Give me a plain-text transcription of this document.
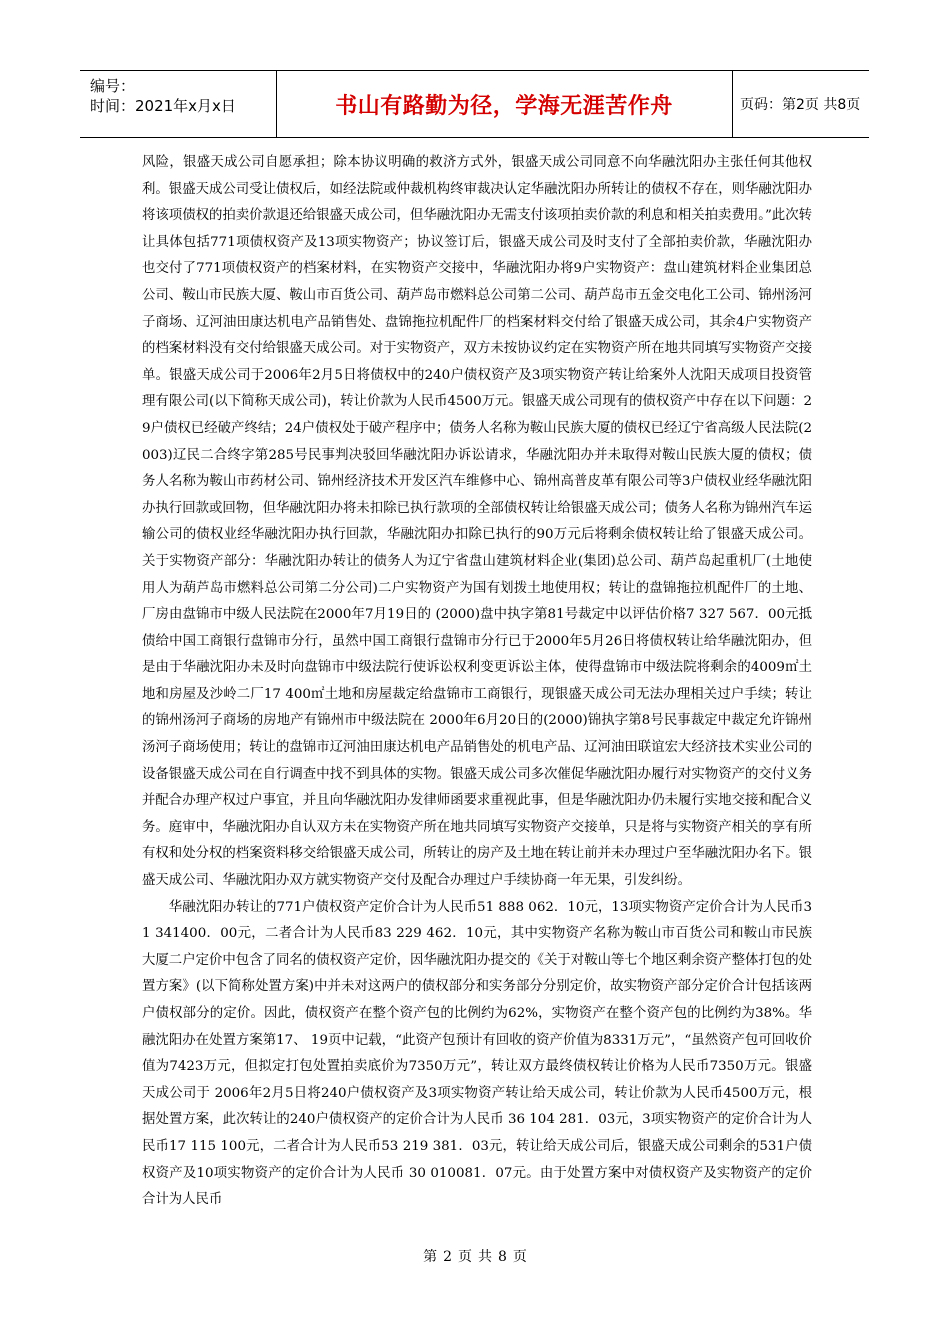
编号：
时间：2021年x月x日	书山有路勤为径，学海无涯苦作舟	页码：第2页 共8页

风险，银盛天成公司自愿承担；除本协议明确的救济方式外，银盛天成公司同意不向华融沈阳办主张任何其他权利。银盛天成公司受让债权后，如经法院或仲裁机构终审裁决认定华融沈阳办所转让的债权不存在，则华融沈阳办将该项债权的拍卖价款退还给银盛天成公司，但华融沈阳办无需支付该项拍卖价款的利息和相关拍卖费用。”此次转让具体包括771项债权资产及13项实物资产；协议签订后，银盛天成公司及时支付了全部拍卖价款，华融沈阳办也交付了771项债权资产的档案材料，在实物资产交接中，华融沈阳办将9户实物资产：盘山建筑材料企业集团总公司、鞍山市民族大厦、鞍山市百货公司、葫芦岛市燃料总公司第二公司、葫芦岛市五金交电化工公司、锦州汤河子商场、辽河油田康达机电产品销售处、盘锦拖拉机配件厂的档案材料交付给了银盛天成公司，其余4户实物资产的档案材料没有交付给银盛天成公司。对于实物资产，双方未按协议约定在实物资产所在地共同填写实物资产交接单。银盛天成公司于2006年2月5日将债权中的240户债权资产及3项实物资产转让给案外人沈阳天成项目投资管理有限公司(以下简称天成公司)，转让价款为人民币4500万元。银盛天成公司现有的债权资产中存在以下问题：29户债权已经破产终结；24户债权处于破产程序中；债务人名称为鞍山民族大厦的债权已经辽宁省高级人民法院(2003)辽民二合终字第285号民事判决驳回华融沈阳办诉讼请求，华融沈阳办并未取得对鞍山民族大厦的债权；债务人名称为鞍山市药材公司、锦州经济技术开发区汽车维修中心、锦州高普皮革有限公司等3户债权业经华融沈阳办执行回款或回物，但华融沈阳办将未扣除已执行款项的全部债权转让给银盛天成公司；债务人名称为锦州汽车运输公司的债权业经华融沈阳办执行回款，华融沈阳办扣除已执行的90万元后将剩余债权转让给了银盛天成公司。关于实物资产部分：华融沈阳办转让的债务人为辽宁省盘山建筑材料企业(集团)总公司、葫芦岛起重机厂(土地使用人为葫芦岛市燃料总公司第二分公司)二户实物资产为国有划拨土地使用权；转让的盘锦拖拉机配件厂的土地、厂房由盘锦市中级人民法院在2000年7月19日的 (2000)盘中执字第81号裁定中以评估价格7 327 567．00元抵债给中国工商银行盘锦市分行，虽然中国工商银行盘锦市分行已于2000年5月26日将债权转让给华融沈阳办，但是由于华融沈阳办未及时向盘锦市中级法院行使诉讼权利变更诉讼主体，使得盘锦市中级法院将剩余的4009㎡土地和房屋及沙岭二厂17 400㎡土地和房屋裁定给盘锦市工商银行，现银盛天成公司无法办理相关过户手续；转让的锦州汤河子商场的房地产有锦州市中级法院在 2000年6月20日的(2000)锦执字第8号民事裁定中裁定允许锦州汤河子商场使用；转让的盘锦市辽河油田康达机电产品销售处的机电产品、辽河油田联谊宏大经济技术实业公司的设备银盛天成公司在自行调查中找不到具体的实物。银盛天成公司多次催促华融沈阳办履行对实物资产的交付义务并配合办理产权过户事宜，并且向华融沈阳办发律师函要求重视此事，但是华融沈阳办仍未履行实地交接和配合义务。庭审中，华融沈阳办自认双方未在实物资产所在地共同填写实物资产交接单，只是将与实物资产相关的享有所有权和处分权的档案资料移交给银盛天成公司，所转让的房产及土地在转让前并未办理过户至华融沈阳办名下。银盛天成公司、华融沈阳办双方就实物资产交付及配合办理过户手续协商一年无果，引发纠纷。

华融沈阳办转让的771户债权资产定价合计为人民币51 888 062．10元，13项实物资产定价合计为人民币31 341400．00元，二者合计为人民币83 229 462．10元，其中实物资产名称为鞍山市百货公司和鞍山市民族大厦二户定价中包含了同名的债权资产定价，因华融沈阳办提交的《关于对鞍山等七个地区剩余资产整体打包的处置方案》(以下简称处置方案)中并未对这两户的债权部分和实务部分分别定价，故实物资产部分定价合计包括该两户债权部分的定价。因此，债权资产在整个资产包的比例约为62%，实物资产在整个资产包的比例约为38%。华融沈阳办在处置方案第17、 19页中记载，“此资产包预计有回收的资产价值为8331万元”，“虽然资产包可回收价值为7423万元，但拟定打包处置拍卖底价为7350万元”，转让双方最终债权转让价格为人民币7350万元。银盛天成公司于 2006年2月5日将240户债权资产及3项实物资产转让给天成公司，转让价款为人民币4500万元，根据处置方案，此次转让的240户债权资产的定价合计为人民币 36 104 281．03元，3项实物资产的定价合计为人民币17 115 100元，二者合计为人民币53 219 381．03元，转让给天成公司后，银盛天成公司剩余的531户债权资产及10项实物资产的定价合计为人民币 30 010081．07元。由于处置方案中对债权资产及实物资产的定价合计为人民币

第 2 页 共 8 页
